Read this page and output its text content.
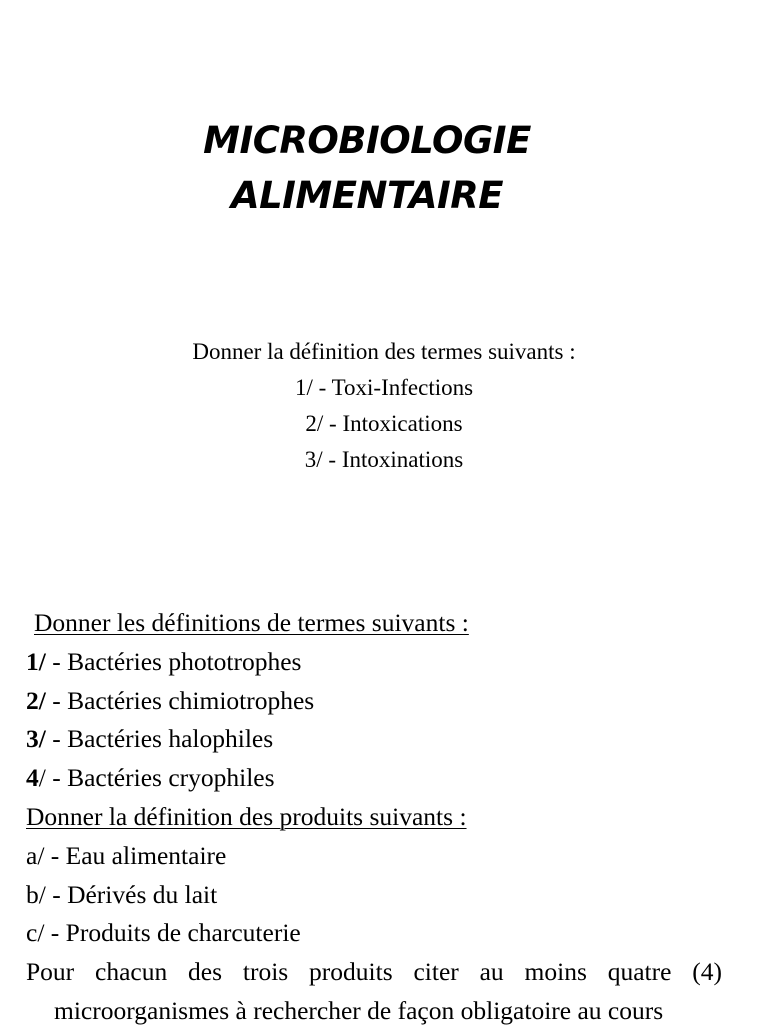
MICROBIOLOGIE
ALIMENTAIRE
Donner la définition des termes suivants :
1/ - Toxi-Infections
2/ - Intoxications
3/ - Intoxinations
Donner les définitions de termes suivants :
1/ - Bactéries phototrophes
2/ - Bactéries chimiotrophes
3/ - Bactéries halophiles
4/ - Bactéries cryophiles
Donner la définition des produits suivants :
a/ - Eau alimentaire
b/ - Dérivés du lait
c/ - Produits de charcuterie
Pour chacun des trois produits citer au moins quatre (4)
microorganismes à rechercher de façon obligatoire au cours
